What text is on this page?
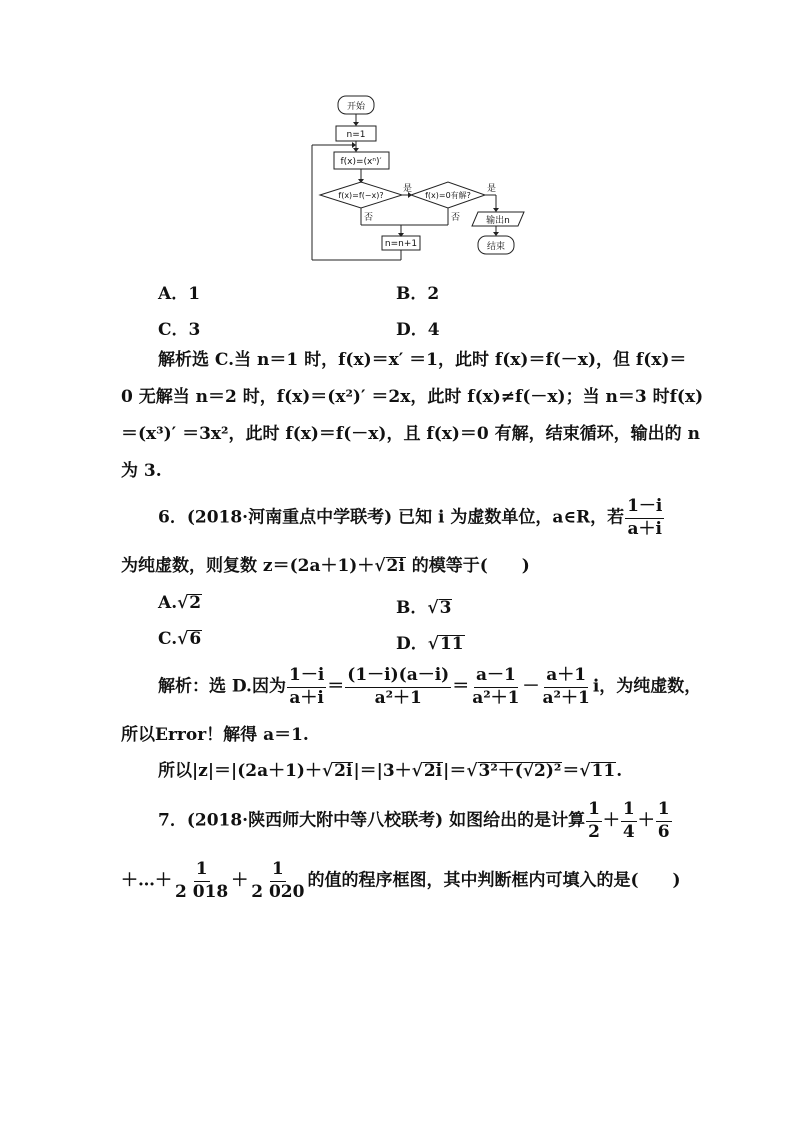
开始
n=1
f(x)=(xⁿ)′
f(x)=f(−x)?	f(x)=0有解?
是	是
否	否
n=n+1
输出n
结束
A．1	B．2
C．3	D．4
解析选 C.当 n＝1 时，f(x)＝x′ ＝1，此时 f(x)＝f(－x)，但 f(x)＝
0 无解当 n＝2 时，f(x)＝(x²)′ ＝2x，此时 f(x)≠f(－x)；当 n＝3 时f(x)
＝(x³)′ ＝3x²，此时 f(x)＝f(－x)，且 f(x)＝0 有解，结束循环，输出的 n
为 3.
6．(2018·河南重点中学联考) 已知 i 为虚数单位，a∈R，若 $\frac{1-i}{a+i}$
为纯虚数，则复数 z＝(2a＋1)＋√2i 的模等于(　　)
A.√2	B．√3
C.√6	D．√11
解析：选 D.因为 $\frac{1-i}{a+i} = \frac{(1-i)(a-i)}{\text{a²＋1}} = \frac{a-1}{\text{a²＋1}} - \frac{a+1}{\text{a²＋1}}$ i，为纯虚数，
所以Error！解得 a＝1.
所以|z|＝|(2a＋1)＋√2i|＝|3＋√2i|＝√3²＋(√2)²＝√11.
7．(2018·陕西师大附中等八校联考) 如图给出的是计算 $\frac{1}{2} + \frac{1}{4} + \frac{1}{6}$
＋…＋ $\frac{1}{2 018} + \frac{1}{2 020}$ 的值的程序框图，其中判断框内可填入的是(　　)
